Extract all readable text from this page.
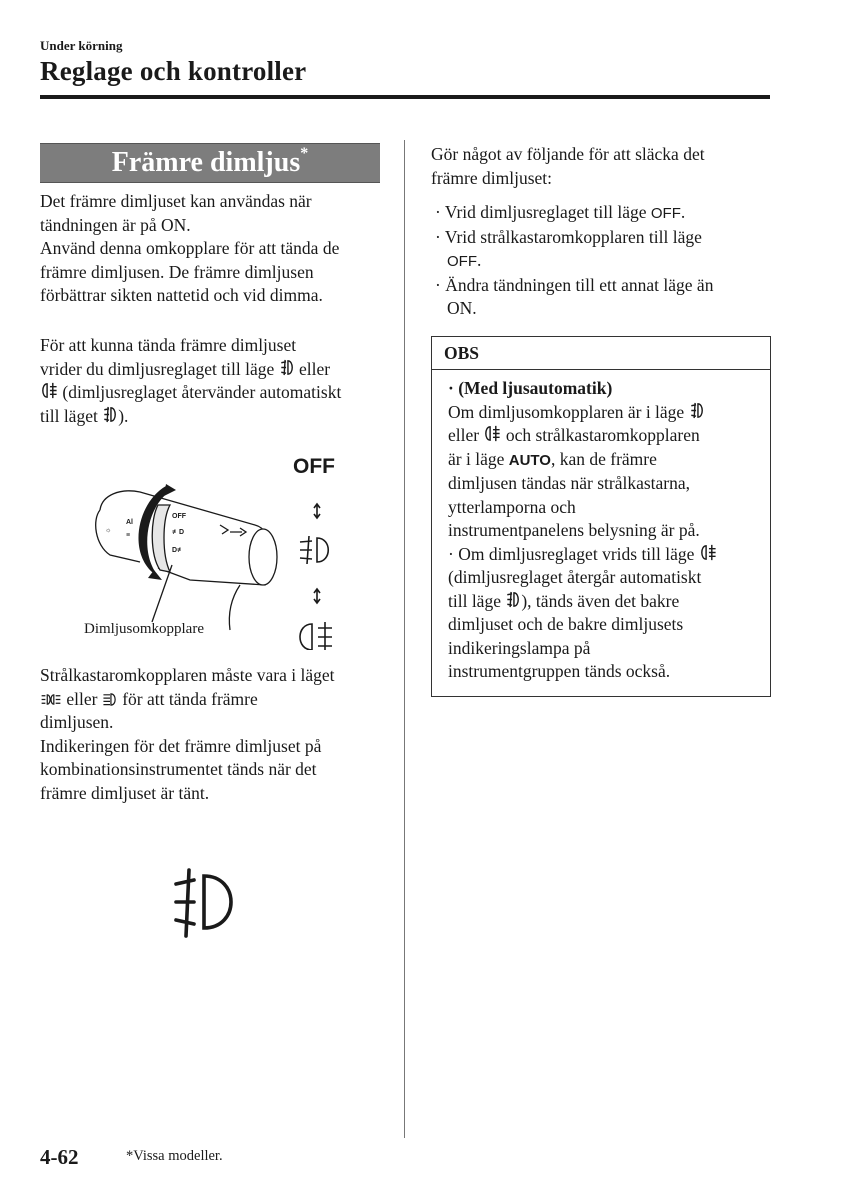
Under körning
Reglage och kontroller
Främre dimljus*
Det främre dimljuset kan användas när
tändningen är på ON.
Använd denna omkopplare för att tända de
främre dimljusen. De främre dimljusen
förbättrar sikten nattetid och vid dimma.
För att kunna tända främre dimljuset
vrider du dimljusreglaget till läge  eller
(dimljusreglaget återvänder automatiskt
till läget ).
OFF
≢D
D≢
☼
Al
≡
OFF
Dimljusomkopplare
Strålkastaromkopplaren måste vara i läget
eller  för att tända främre
dimljusen.
Indikeringen för det främre dimljuset på
kombinationsinstrumentet tänds när det
främre dimljuset är tänt.
Gör något av följande för att släcka det
främre dimljuset:
· Vrid dimljusreglaget till läge OFF.
· Vrid strålkastaromkopplaren till läge
OFF.
· Ändra tändningen till ett annat läge än
ON.
OBS
· (Med ljusautomatik)
Om dimljusomkopplaren är i läge
eller  och strålkastaromkopplaren
är i läge AUTO, kan de främre
dimljusen tändas när strålkastarna,
ytterlamporna och
instrumentpanelens belysning är på.
· Om dimljusreglaget vrids till läge
(dimljusreglaget återgår automatiskt
till läge ), tänds även det bakre
dimljuset och de bakre dimljusets
indikeringslampa på
instrumentgruppen tänds också.
4-62	*Vissa modeller.
